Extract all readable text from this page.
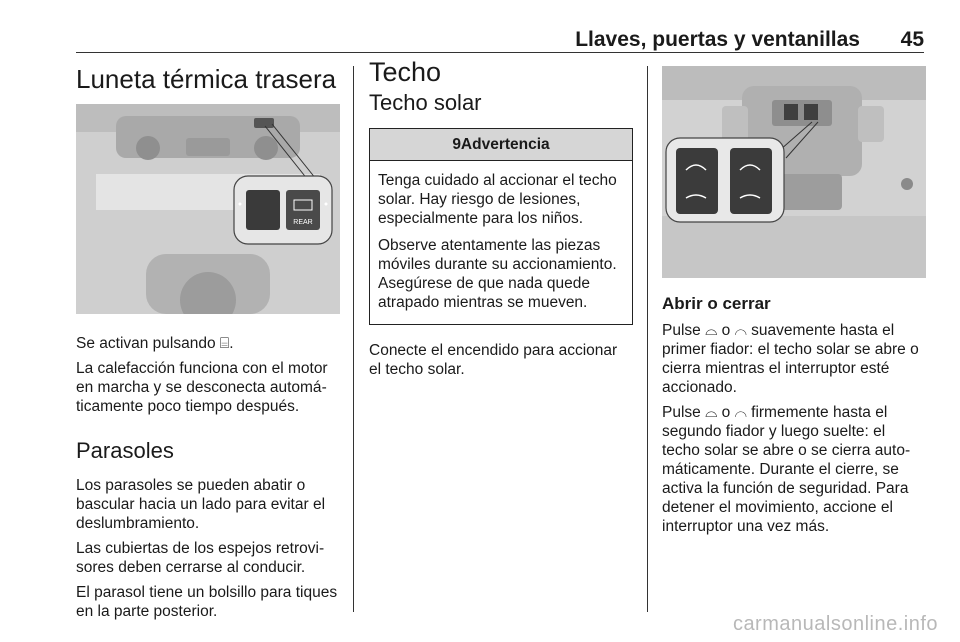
Llaves, puertas y ventanillas 45
Luneta térmica trasera
REAR

Se activan pulsando ⌸.

La calefacción funciona con el motor en marcha y se desconecta automáticamente poco tiempo después.

Parasoles

Los parasoles se pueden abatir o bascular hacia un lado para evitar el deslumbramiento.

Las cubiertas de los espejos retrovisores deben cerrarse al conducir.

El parasol tiene un bolsillo para tiques en la parte posterior.

Techo
Techo solar
9Advertencia

Tenga cuidado al accionar el techo solar. Hay riesgo de lesiones, especialmente para los niños.

Observe atentamente las piezas móviles durante su accionamiento. Asegúrese de que nada quede atrapado mientras se mueven.

Conecte el encendido para accionar el techo solar.

Abrir o cerrar

Pulse ⌓ o ⌒ suavemente hasta el primer fiador: el techo solar se abre o cierra mientras el interruptor esté accionado.

Pulse ⌓ o ⌒ firmemente hasta el segundo fiador y luego suelte: el techo solar se abre o se cierra automáticamente. Durante el cierre, se activa la función de seguridad. Para detener el movimiento, accione el interruptor una vez más.

carmanualsonline.info
